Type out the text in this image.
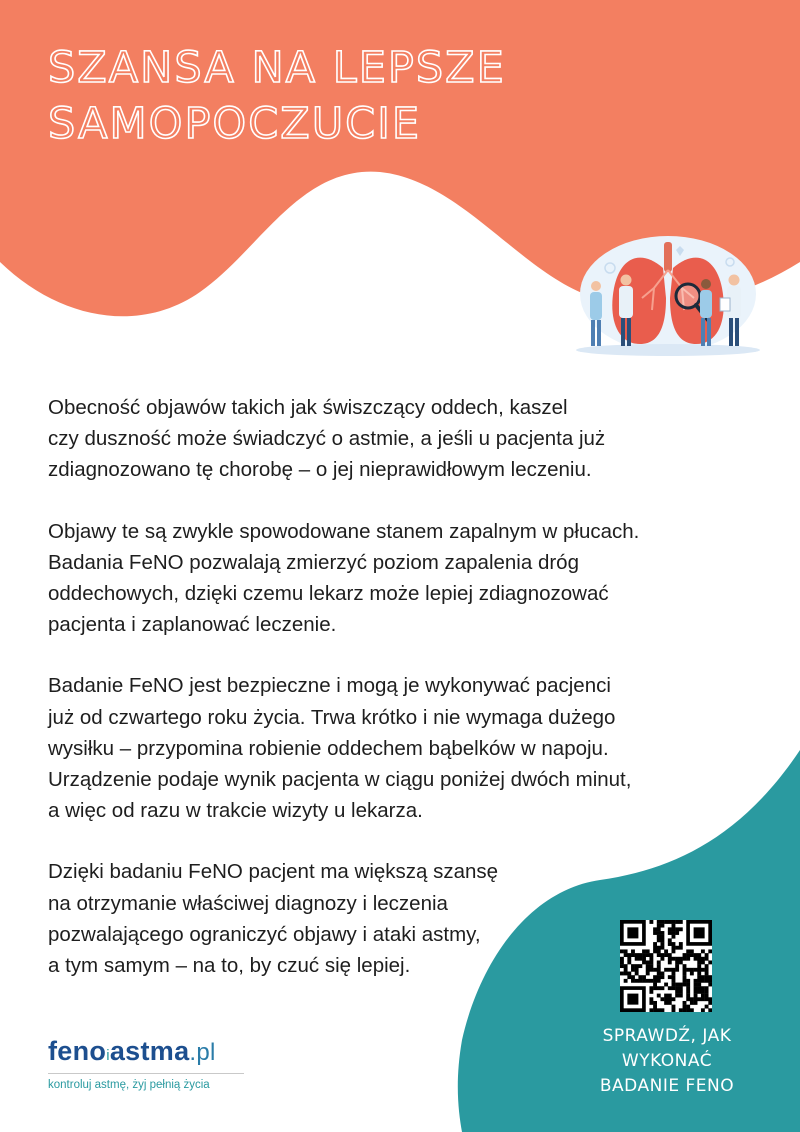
SZANSA NA LEPSZE
SAMOPOCZUCIE
Obecność objawów takich jak świszczący oddech, kaszel
czy duszność może świadczyć o astmie, a jeśli u pacjenta już
zdiagnozowano tę chorobę – o jej nieprawidłowym leczeniu.
Objawy te są zwykle spowodowane stanem zapalnym w płucach.
Badania FeNO pozwalają zmierzyć poziom zapalenia dróg
oddechowych, dzięki czemu lekarz może lepiej zdiagnozować
pacjenta i zaplanować leczenie.
Badanie FeNO jest bezpieczne i mogą je wykonywać pacjenci
już od czwartego roku życia. Trwa krótko i nie wymaga dużego
wysiłku – przypomina robienie oddechem bąbelków w napoju.
Urządzenie podaje wynik pacjenta w ciągu poniżej dwóch minut,
a więc od razu w trakcie wizyty u lekarza.
Dzięki badaniu FeNO pacjent ma większą szansę
na otrzymanie właściwej diagnozy i leczenia
pozwalającego ograniczyć objawy i ataki astmy,
a tym samym – na to, by czuć się lepiej.
SPRAWDŹ, JAK
WYKONAĆ
BADANIE FENO
fenoiastma.pl
kontroluj astmę, żyj pełnią życia
